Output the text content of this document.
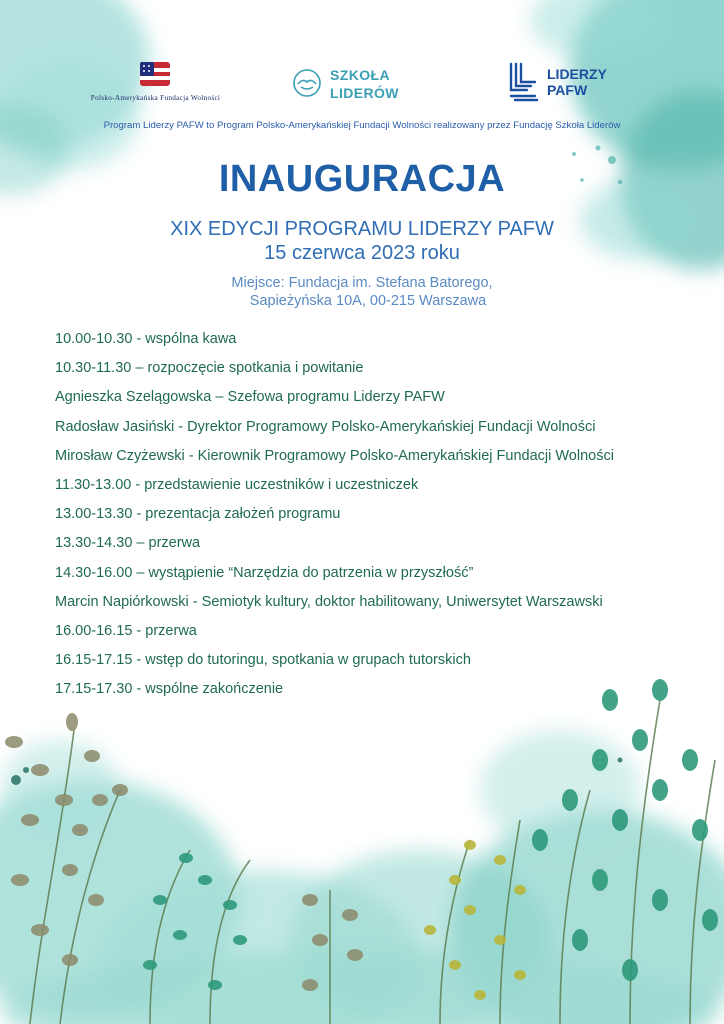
Polsko-Amerykańska Fundacja Wolności
SZKOŁA
LIDERÓW
LIDERZY
PAFW
Program Liderzy PAFW to Program Polsko-Amerykańskiej Fundacji Wolności realizowany przez Fundację Szkoła Liderów
INAUGURACJA
XIX EDYCJI PROGRAMU LIDERZY PAFW
15 czerwca 2023 roku
Miejsce: Fundacja im. Stefana Batorego,
Sapieżyńska 10A, 00-215 Warszawa
10.00-10.30 - wspólna kawa
10.30-11.30 – rozpoczęcie spotkania i powitanie
Agnieszka Szelągowska – Szefowa programu Liderzy PAFW
Radosław Jasiński - Dyrektor Programowy Polsko-Amerykańskiej Fundacji Wolności
Mirosław Czyżewski - Kierownik Programowy Polsko-Amerykańskiej Fundacji Wolności
11.30-13.00 - przedstawienie uczestników i uczestniczek
13.00-13.30 - prezentacja założeń programu
13.30-14.30 – przerwa
14.30-16.00 – wystąpienie “Narzędzia do patrzenia w przyszłość”
Marcin Napiórkowski - Semiotyk kultury, doktor habilitowany, Uniwersytet Warszawski
16.00-16.15 - przerwa
16.15-17.15 - wstęp do tutoringu, spotkania w grupach tutorskich
17.15-17.30 - wspólne zakończenie
